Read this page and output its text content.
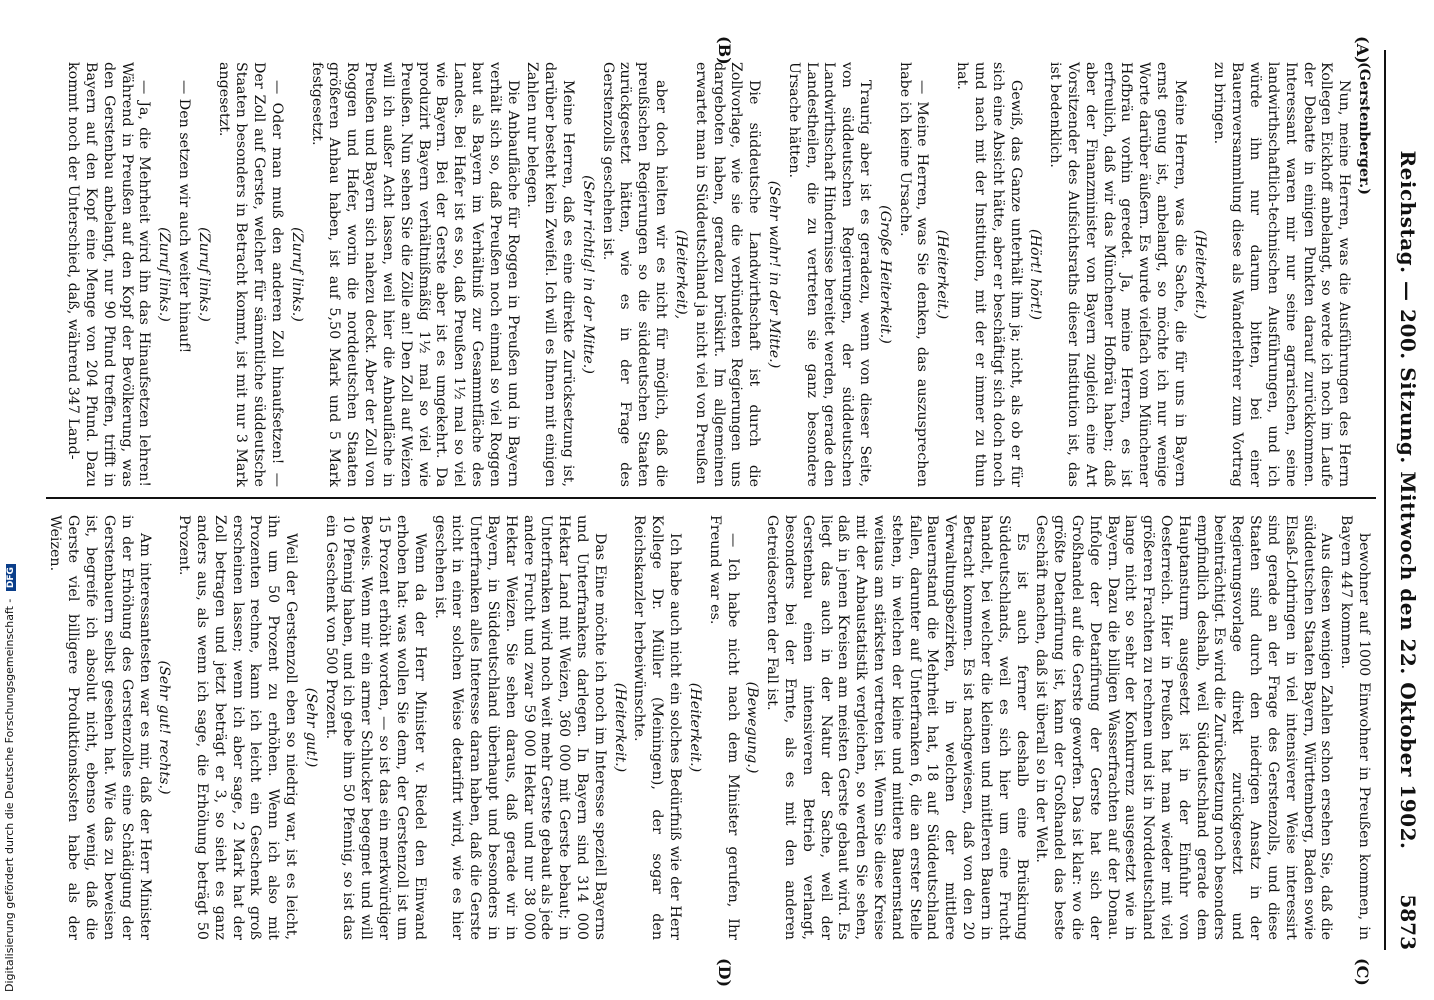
Reichstag. — 200. Sitzung. Mittwoch den 22. Oktober 1902.
5873
(A)
(B)
(C)
(D)

(Gerstenberger.)

Nun, meine Herren, was die Ausführungen des Herrn Kollegen Eickhoff anbelangt, so werde ich noch im Laufe der Debatte in einigen Punkten darauf zurückkommen. Interessant waren mir nur seine agrarischen, seine landwirthschaftlich-technischen Ausführungen, und ich würde ihn nur darum bitten, bei einer Bauernversammlung diese als Wanderlehrer zum Vortrag zu bringen.

(Heiterkeit.)

Meine Herren, was die Sache, die für uns in Bayern ernst genug ist, anbelangt, so möchte ich nur wenige Worte darüber äußern. Es wurde vielfach vom Münchener Hofbräu vorhin geredet. Ja, meine Herren, es ist erfreulich, daß wir das Münchener Hofbräu haben; daß aber der Finanzminister von Bayern zugleich eine Art Vorsitzender des Aufsichtsraths dieser Institution ist, das ist bedenklich.

(Hört! hört!)

Gewiß, das Ganze unterhält ihm ja; nicht, als ob er für sich eine Absicht hätte, aber er beschäftigt sich doch noch und nach mit der Institution, mit der er immer zu thun hat.

(Heiterkeit.)

— Meine Herren, was Sie denken, das auszusprechen habe ich keine Ursache.

(Große Heiterkeit.)

Traurig aber ist es geradezu, wenn von dieser Seite, von süddeutschen Regierungen, der süddeutschen Landwirthschaft Hindernisse bereitet werden, gerade den Landestheilen, die zu vertreten sie ganz besondere Ursache hätten.

(Sehr wahr! in der Mitte.)

Die süddeutsche Landwirthschaft ist durch die Zollvorlage, wie sie die verbündeten Regierungen uns dargeboten haben, geradezu brüskirt. Im allgemeinen erwartet man in Süddeutschland ja nicht viel von Preußen

(Heiterkeit),

aber doch hielten wir es nicht für möglich, daß die preußischen Regierungen so die süddeutschen Staaten zurückgesetzt hätten, wie es in der Frage des Gerstenzolls geschehen ist.

(Sehr richtig! in der Mitte.)

Meine Herren, daß es eine direkte Zurücksetzung ist, darüber besteht kein Zweifel. Ich will es Ihnen mit einigen Zahlen nur belegen.

Die Anbaufläche für Roggen in Preußen und in Bayern verhält sich so, daß Preußen noch einmal so viel Roggen baut als Bayern im Verhältniß zur Gesammtfläche des Landes. Bei Hafer ist es so, daß Preußen 1½ mal so viel wie Bayern. Bei der Gerste aber ist es umgekehrt. Da produzirt Bayern verhältnißmäßig 1½ mal so viel wie Preußen. Nun sehen Sie die Zölle an! Den Zoll auf Weizen will ich außer Acht lassen, weil hier die Anbaufläche in Preußen und Bayern sich nahezu deckt. Aber der Zoll von Roggen und Hafer, worin die norddeutschen Staaten größeren Anbau haben, ist auf 5,50 Mark und 5 Mark festgesetzt.

(Zuruf links.)

— Oder man muß den anderen Zoll hinaufsetzen! — Der Zoll auf Gerste, welcher für sämmtliche süddeutsche Staaten besonders in Betracht kommt, ist mit nur 3 Mark angesetzt.

(Zuruf links.)

— Den setzen wir auch weiter hinauf!

(Zuruf links.)

— Ja, die Mehrheit wird ihn das Hinaufsetzen lehren! Während in Preußen auf den Kopf der Bevölkerung, was den Gerstenbau anbelangt, nur 90 Pfund treffen, trifft in Bayern auf den Kopf eine Menge von 204 Pfund. Dazu kommt noch der Unterschied, daß, während 347 Land-

bewohner auf 1000 Einwohner in Preußen kommen, in Bayern 447 kommen.

Aus diesen wenigen Zahlen schon ersehen Sie, daß die süddeutschen Staaten Bayern, Württemberg, Baden sowie Elsaß-Lothringen in viel intensiverer Weise interessirt sind gerade an der Frage des Gerstenzolls, und diese Staaten sind durch den niedrigen Ansatz in der Regierungsvorlage direkt zurückgesetzt und beeinträchtigt. Es wird die Zurücksetzung noch besonders empfindlich deshalb, weil Süddeutschland gerade dem Hauptansturm ausgesetzt ist in der Einfuhr von Oesterreich. Hier in Preußen hat man wieder mit viel größeren Frachten zu rechnen und ist in Norddeutschland lange nicht so sehr der Konkurrenz ausgesetzt wie in Bayern. Dazu die billigen Wasserfrachten auf der Donau. Infolge der Detarifirung der Gerste hat sich der Großhandel auf die Gerste geworfen. Das ist klar: wo die größte Detarifirung ist, kann der Großhandel das beste Geschäft machen, daß ist überall so in der Welt.

Es ist auch ferner deshalb eine Brüskirung Süddeutschlands, weil es sich hier um eine Frucht handelt, bei welcher die kleinen und mittleren Bauern in Betracht kommen. Es ist nachgewiesen, daß von den 20 Verwaltungsbezirken, in welchen der mittlere Bauernstand die Mehrheit hat, 18 auf Süddeutschland fallen, darunter auf Unterfranken 6, die an erster Stelle stehen, in welchen der kleine und mittlere Bauernstand weitaus am stärksten vertreten ist. Wenn Sie diese Kreise mit der Anbaustatistik vergleichen, so werden Sie sehen, daß in jenen Kreisen am meisten Gerste gebaut wird. Es liegt das auch in der Natur der Sache, weil der Gerstenbau einen intensiveren Betrieb verlangt, besonders bei der Ernte, als es mit den anderen Getreidesorten der Fall ist.

(Bewegung.)

— Ich habe nicht nach dem Minister gerufen, Ihr Freund war es.

(Heiterkeit.)

Ich habe auch nicht ein solches Bedürfniß wie der Herr Kollege Dr. Müller (Meiningen), der sogar den Reichskanzler herbeiwünschte.

(Heiterkeit.)

Das Eine möchte ich noch im Interesse speziell Bayerns und Unterfrankens darlegen. In Bayern sind 314 000 Hektar Land mit Weizen, 360 000 mit Gerste bebaut; in Unterfranken wird noch weit mehr Gerste gebaut als jede andere Frucht und zwar 59 000 Hektar und nur 38 000 Hektar Weizen. Sie sehen daraus, daß gerade wir in Bayern, in Süddeutschland überhaupt und besonders in Unterfranken alles Interesse daran haben, daß die Gerste nicht in einer solchen Weise detarifirt wird, wie es hier geschehen ist.

Wenn da der Herr Minister v. Riedel den Einwand erhoben hat: was wollen Sie denn, der Gerstenzoll ist um 15 Prozent erhöht worden, — so ist das ein merkwürdiger Beweis. Wenn mir ein armer Schlucker begegnet und will 10 Pfennig haben, und ich gebe ihm 50 Pfennig, so ist das ein Geschenk von 500 Prozent.

(Sehr gut!)

Weil der Gerstenzoll eben so niedrig war, ist es leicht, ihn um 50 Prozent zu erhöhen. Wenn ich also mit Prozenten rechne, kann ich leicht ein Geschenk groß erscheinen lassen; wenn ich aber sage, 2 Mark hat der Zoll betragen und jetzt beträgt er 3, so sieht es ganz anders aus, als wenn ich sage, die Erhöhung beträgt 50 Prozent.

(Sehr gut! rechts.)

Am interessantesten war es mir, daß der Herr Minister in der Erhöhung des Gerstenzolles eine Schädigung der Gerstenbauern selbst gesehen hat. Wie das zu beweisen ist, begreife ich absolut nicht, ebenso wenig, daß die Gerste viel billigere Produktionskosten habe als der Weizen.

Digitalisierung gefördert durch die Deutsche Forschungsgemeinschaft - DFG
